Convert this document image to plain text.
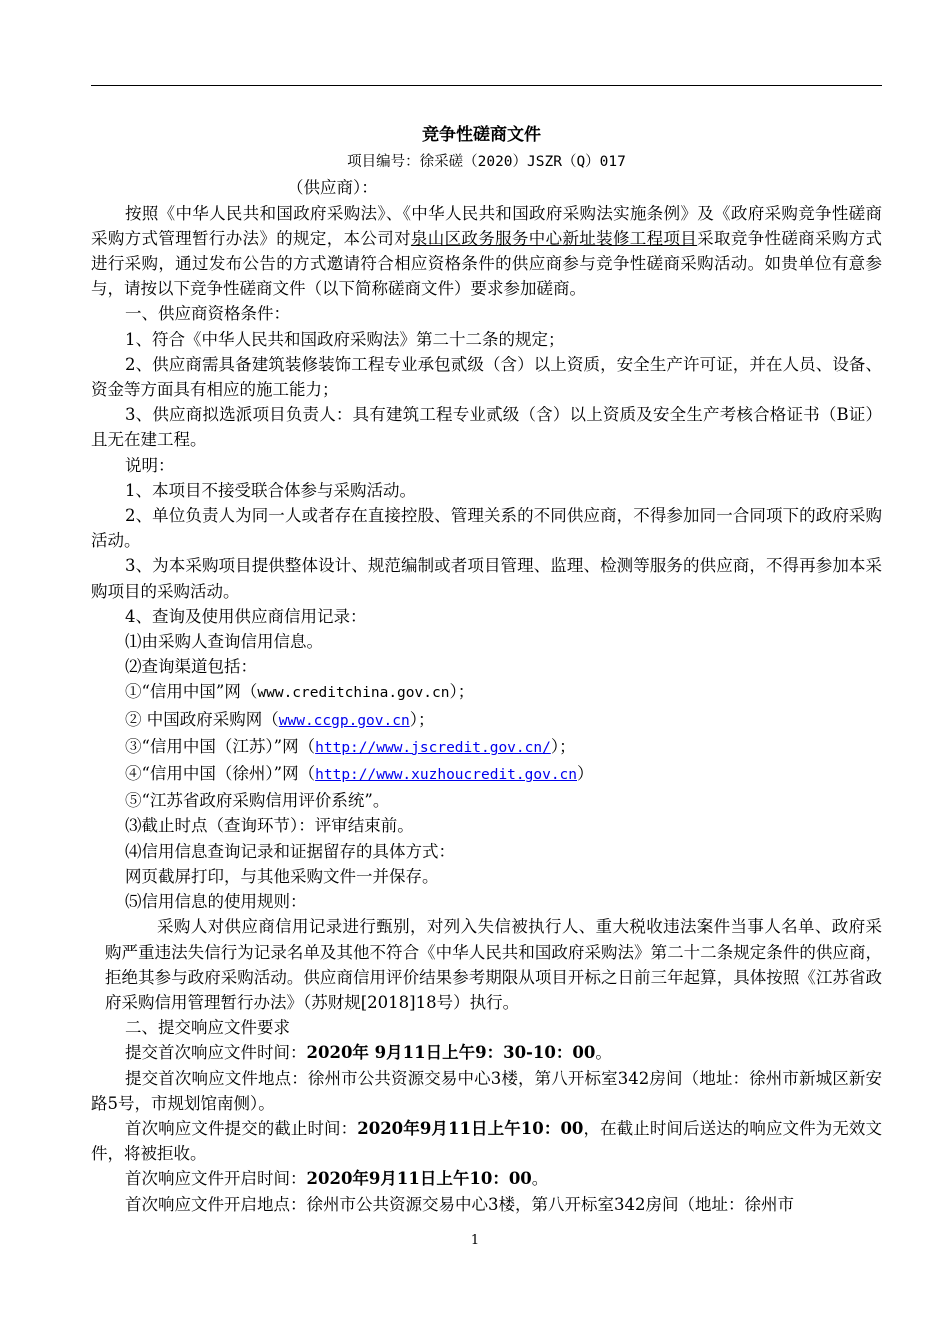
竞争性磋商文件
项目编号：徐采磋（2020）JSZR（Q）017
（供应商）：

按照《中华人民共和国政府采购法》、《中华人民共和国政府采购法实施条例》及《政府采购竞争性磋商采购方式管理暂行办法》的规定，本公司对泉山区政务服务中心新址装修工程项目采取竞争性磋商采购方式进行采购，通过发布公告的方式邀请符合相应资格条件的供应商参与竞争性磋商采购活动。如贵单位有意参与，请按以下竞争性磋商文件（以下简称磋商文件）要求参加磋商。

一、供应商资格条件：

1、符合《中华人民共和国政府采购法》第二十二条的规定；

2、供应商需具备建筑装修装饰工程专业承包贰级（含）以上资质，安全生产许可证，并在人员、设备、资金等方面具有相应的施工能力；

3、供应商拟选派项目负责人：具有建筑工程专业贰级（含）以上资质及安全生产考核合格证书（B证）且无在建工程。

说明：

1、本项目不接受联合体参与采购活动。

2、单位负责人为同一人或者存在直接控股、管理关系的不同供应商，不得参加同一合同项下的政府采购活动。

3、为本采购项目提供整体设计、规范编制或者项目管理、监理、检测等服务的供应商，不得再参加本采购项目的采购活动。

4、查询及使用供应商信用记录：

⑴由采购人查询信用信息。

⑵查询渠道包括：

①“信用中国”网（www.creditchina.gov.cn）；

② 中国政府采购网（www.ccgp.gov.cn）；

③“信用中国（江苏）”网（http://www.jscredit.gov.cn/）；

④“信用中国（徐州）”网（http://www.xuzhoucredit.gov.cn）

⑤“江苏省政府采购信用评价系统”。

⑶截止时点（查询环节）：评审结束前。

⑷信用信息查询记录和证据留存的具体方式：

网页截屏打印，与其他采购文件一并保存。

⑸信用信息的使用规则：

采购人对供应商信用记录进行甄别，对列入失信被执行人、重大税收违法案件当事人名单、政府采购严重违法失信行为记录名单及其他不符合《中华人民共和国政府采购法》第二十二条规定条件的供应商，拒绝其参与政府采购活动。供应商信用评价结果参考期限从项目开标之日前三年起算，具体按照《江苏省政府采购信用管理暂行办法》（苏财规[2018]18号）执行。

二、提交响应文件要求

提交首次响应文件时间：2020年 9月11日上午9：30-10：00。

提交首次响应文件地点：徐州市公共资源交易中心3楼，第八开标室342房间（地址：徐州市新城区新安路5号，市规划馆南侧）。

首次响应文件提交的截止时间：2020年9月11日上午10：00，在截止时间后送达的响应文件为无效文件，将被拒收。

首次响应文件开启时间：2020年9月11日上午10：00。

首次响应文件开启地点：徐州市公共资源交易中心3楼，第八开标室342房间（地址：徐州市

1
